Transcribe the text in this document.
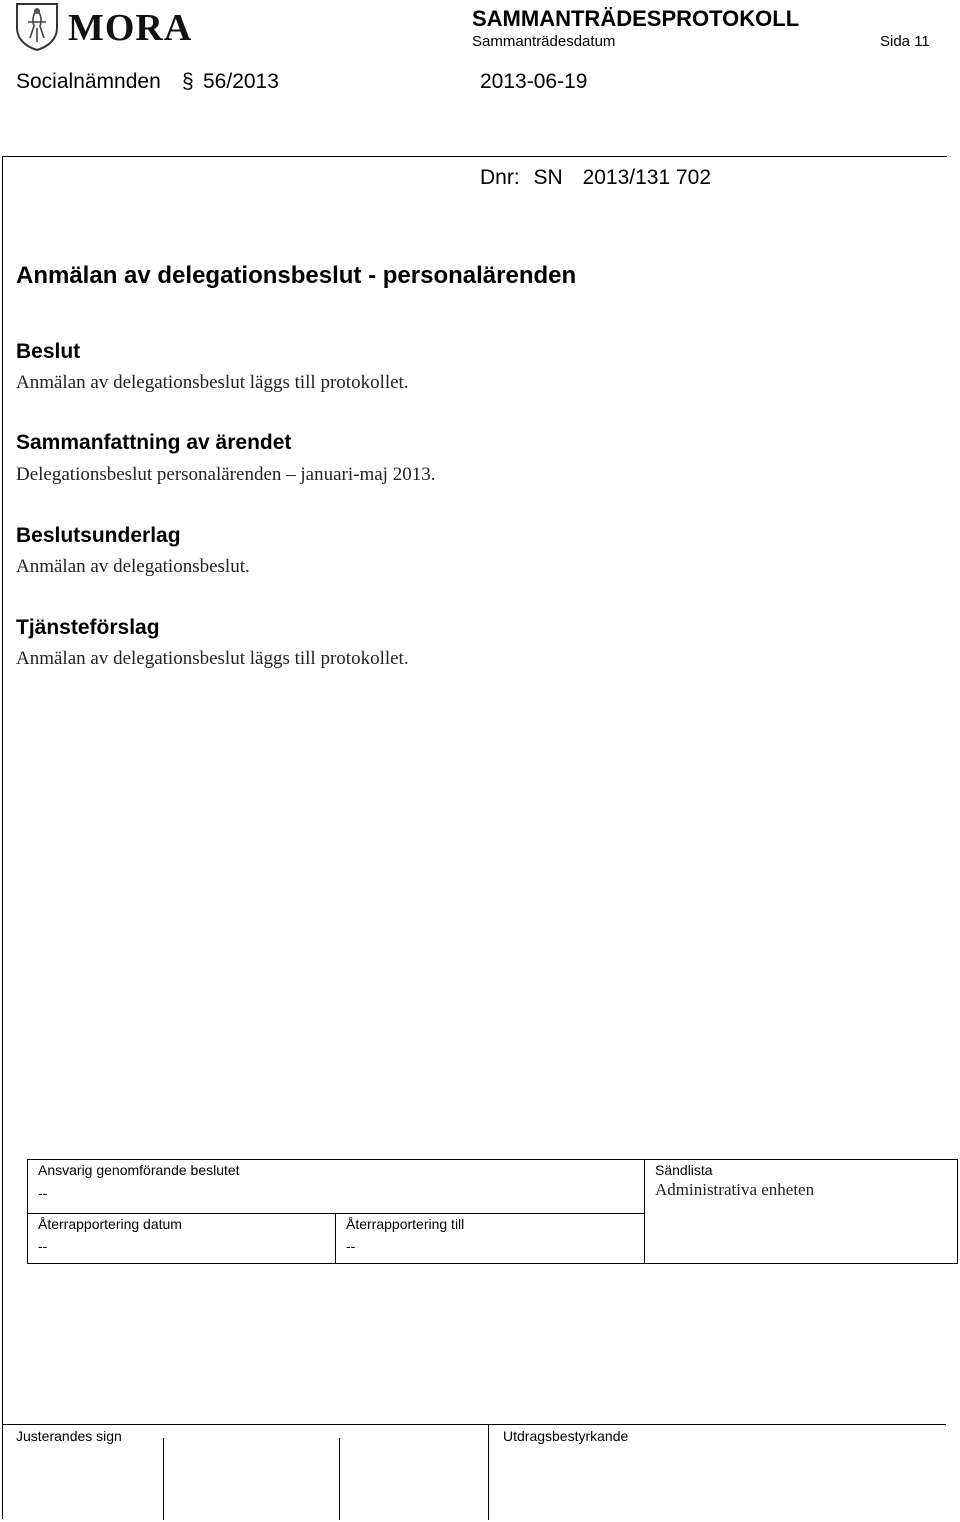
MORA	SAMMANTRÄDESPROTOKOLL
Sammanträdesdatum	Sida 11
Socialnämnden § 56/2013	2013-06-19
Dnr: SN 2013/131 702
Anmälan av delegationsbeslut - personalärenden
Beslut
Anmälan av delegationsbeslut läggs till protokollet.
Sammanfattning av ärendet
Delegationsbeslut personalärenden – januari-maj 2013.
Beslutsunderlag
Anmälan av delegationsbeslut.
Tjänsteförslag
Anmälan av delegationsbeslut läggs till protokollet.
Ansvarig genomförande beslutet
--
Återrapportering datum
--
Återrapportering till
--
Sändlista
Administrativa enheten
Justerandes sign	Utdragsbestyrkande
